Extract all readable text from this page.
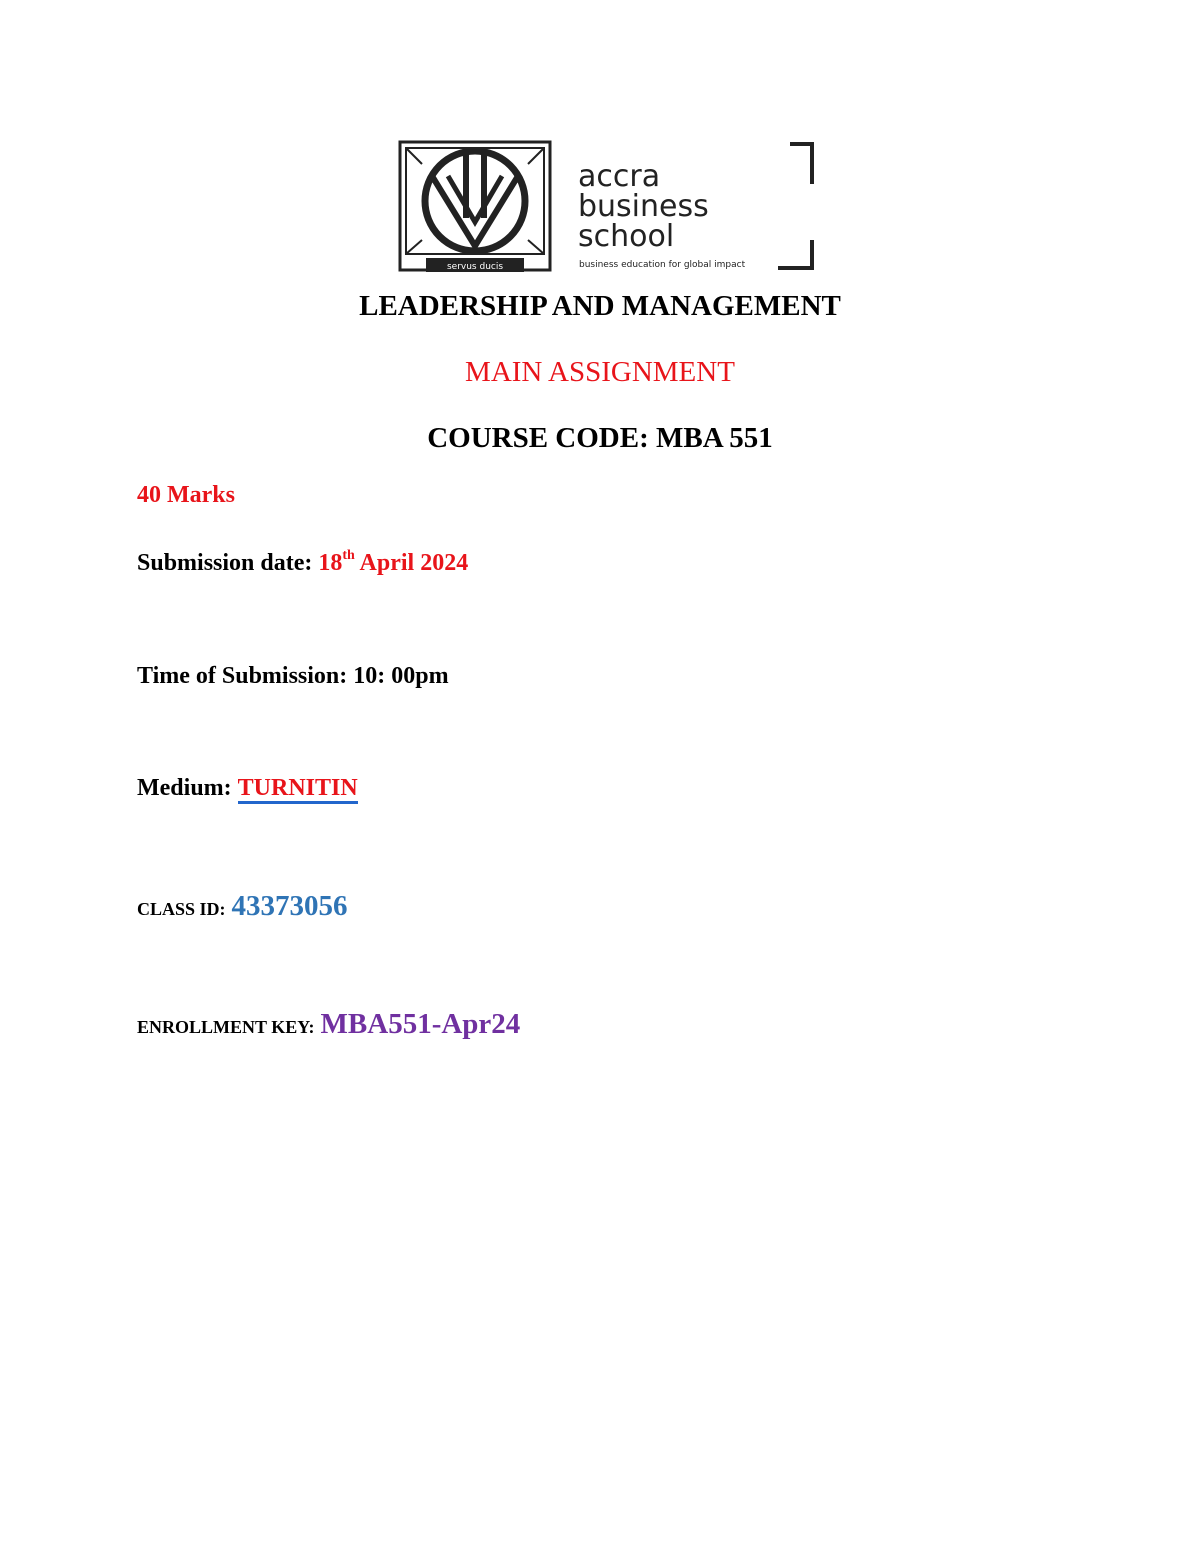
servus ducis
accra
business
school
business education for global impact
LEADERSHIP AND MANAGEMENT
MAIN ASSIGNMENT
COURSE CODE: MBA 551

40 Marks

Submission date: 18th April 2024

Time of Submission: 10: 00pm

Medium: TURNITIN

CLASS ID: 43373056

ENROLLMENT KEY: MBA551-Apr24
